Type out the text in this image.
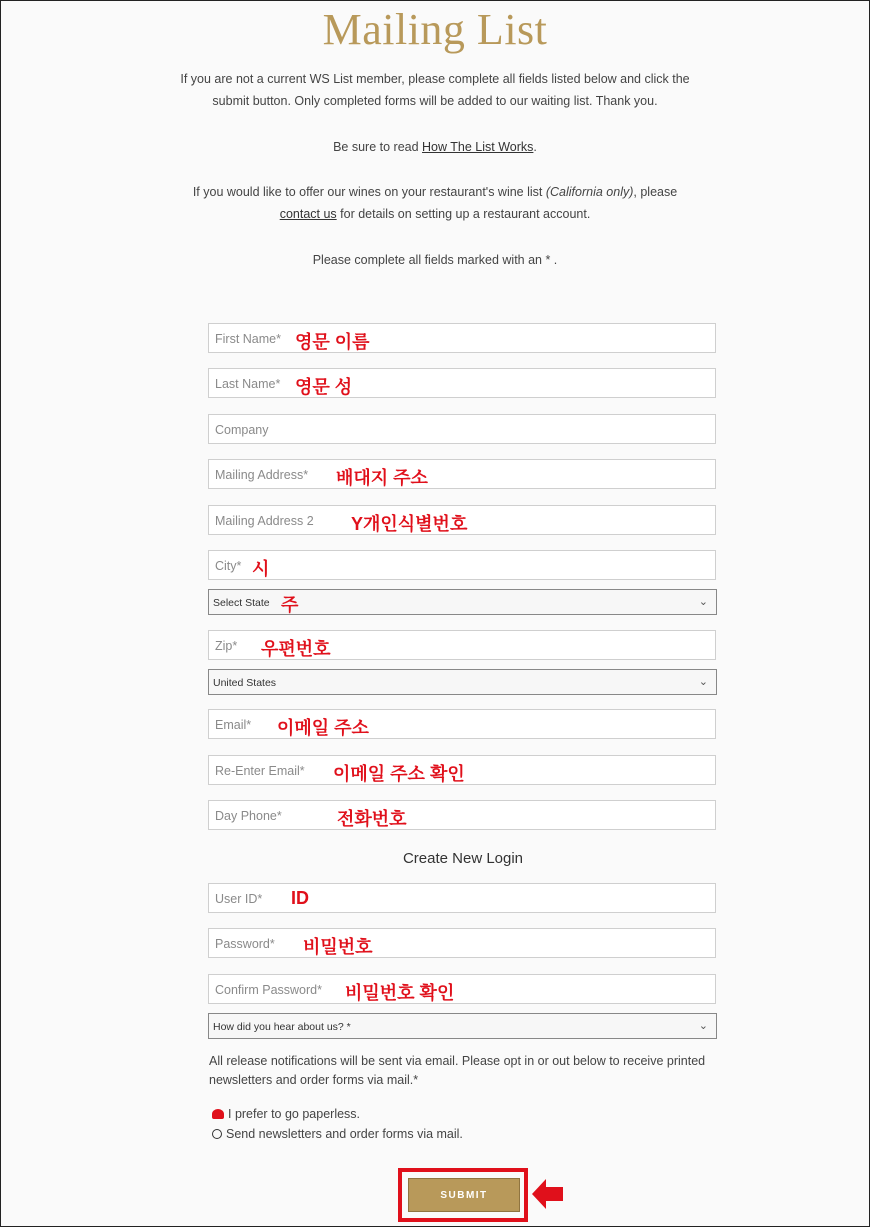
Mailing List
If you are not a current WS List member, please complete all fields listed below and click the
submit button. Only completed forms will be added to our waiting list. Thank you.
Be sure to read How The List Works.
If you would like to offer our wines on your restaurant's wine list (California only), please
contact us for details on setting up a restaurant account.
Please complete all fields marked with an * .
First Name* 영문 이름
Last Name* 영문 성
Company
Mailing Address* 배대지 주소
Mailing Address 2 Y개인식별번호
City* 시
Select State 주	⌄
Zip* 우편번호
United States	⌄
Email* 이메일 주소
Re-Enter Email* 이메일 주소 확인
Day Phone*	전화번호
Create New Login
User ID* ID
Password* 비밀번호
Confirm Password* 비밀번호 확인
How did you hear about us? *	⌄
All release notifications will be sent via email. Please opt in or out below to receive printed newsletters and order forms via mail.*
I prefer to go paperless.
Send newsletters and order forms via mail.
SUBMIT
